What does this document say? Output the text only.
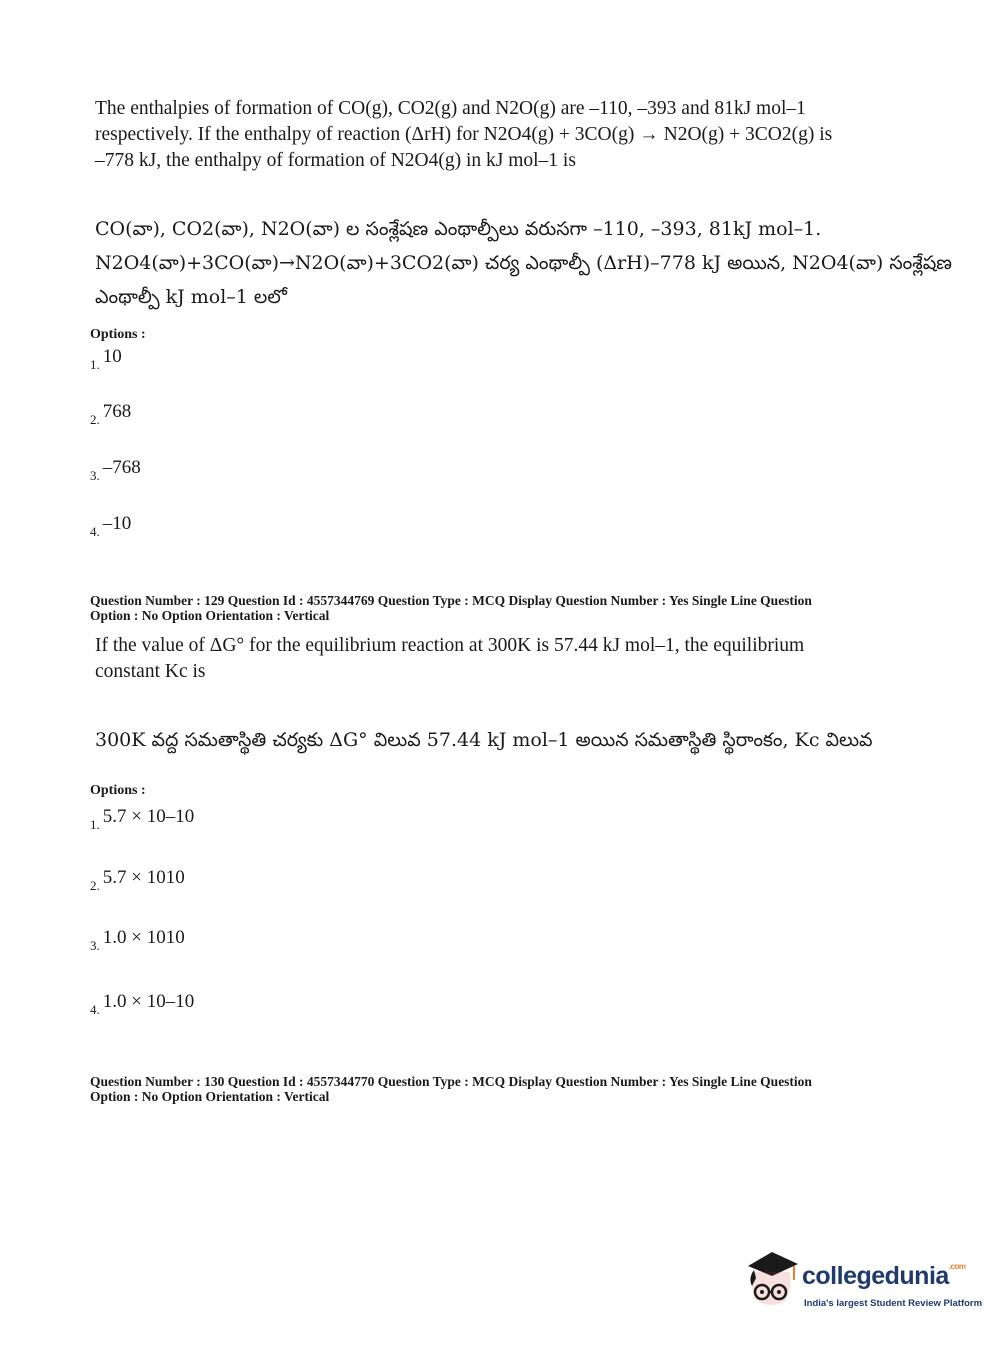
The enthalpies of formation of CO(g), CO2(g) and N2O(g) are –110, –393 and 81kJ mol–1
respectively. If the enthalpy of reaction (ΔrH) for N2O4(g) + 3CO(g) → N2O(g) + 3CO2(g) is
–778 kJ, the enthalpy of formation of N2O4(g) in kJ mol–1 is
CO(వా), CO2(వా), N2O(వా) ల సంశ్లేషణ ఎంథాల్పీలు వరుసగా –110, –393, 81kJ mol–1.
N2O4(వా)+3CO(వా)→N2O(వా)+3CO2(వా) చర్య ఎంథాల్పీ (ΔrH)–778 kJ అయిన, N2O4(వా) సంశ్లేషణ
ఎంథాల్పీ kJ mol–1 లలో
Options :
$_{1.}$ 10
$_{2.}$ 768
$_{3.}$ –768
$_{4.}$ –10
Question Number : 129 Question Id : 4557344769 Question Type : MCQ Display Question Number : Yes Single Line Question
Option : No Option Orientation : Vertical
If the value of ΔG° for the equilibrium reaction at 300K is 57.44 kJ mol–1, the equilibrium
constant Kc is
300K వద్ద సమతాస్థితి చర్యకు ΔG° విలువ 57.44 kJ mol–1 అయిన సమతాస్థితి స్థిరాంకం, Kc విలువ
Options :
$_{1.}$ 5.7 × 10–10
$_{2.}$ 5.7 × 1010
$_{3.}$ 1.0 × 1010
$_{4.}$ 1.0 × 10–10
Question Number : 130 Question Id : 4557344770 Question Type : MCQ Display Question Number : Yes Single Line Question
Option : No Option Orientation : Vertical
collegedunia$^{.com}$
India's largest Student Review Platform
